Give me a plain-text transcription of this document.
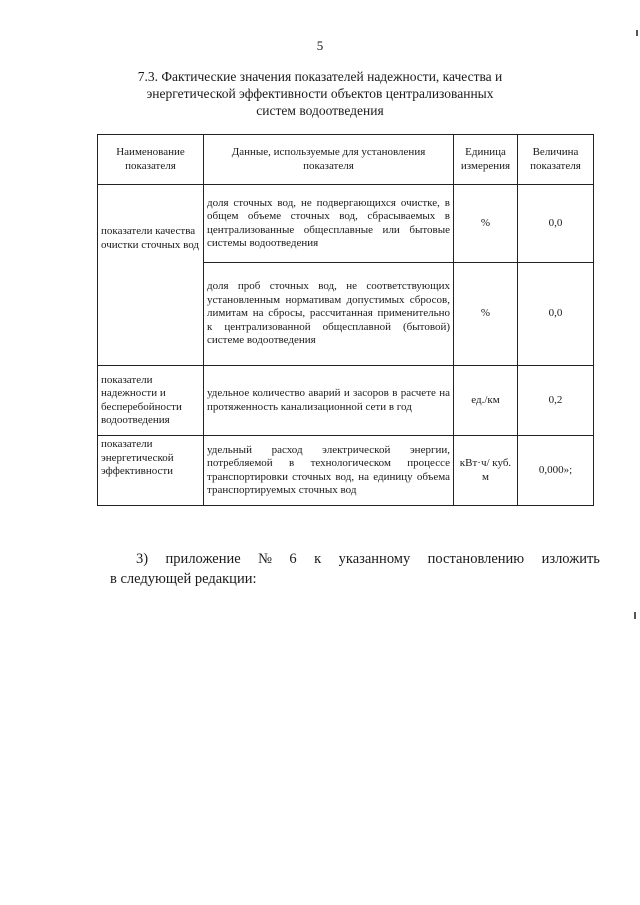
5
7.3. Фактические значения показателей надежности, качества и
энергетической эффективности объектов централизованных
систем водоотведения
Наименование показателя	Данные, используемые для установления показателя	Единица измерения	Величина показателя
показатели качества очистки сточных вод	доля сточных вод, не подвергающихся очистке, в общем объеме сточных вод, сбрасываемых в централизованные общесплавные или бытовые системы водоотведения	%	0,0
	доля проб сточных вод, не соответствующих установленным нормативам допустимых сбросов, лимитам на сбросы, рассчитанная применительно к централизованной общесплавной (бытовой) системе водоотведения	%	0,0
показатели надежности и бесперебойности водоотведения	удельное количество аварий и засоров в расчете на протяженность канализационной сети в год	ед./км	0,2
показатели энергетической эффективности	удельный расход электрической энергии, потребляемой в технологическом процессе транспортировки сточных вод, на единицу объема транспортируемых сточных вод	кВт·ч/ куб. м	0,000»;
3) приложение № 6 к указанному постановлению изложить
в следующей редакции:
